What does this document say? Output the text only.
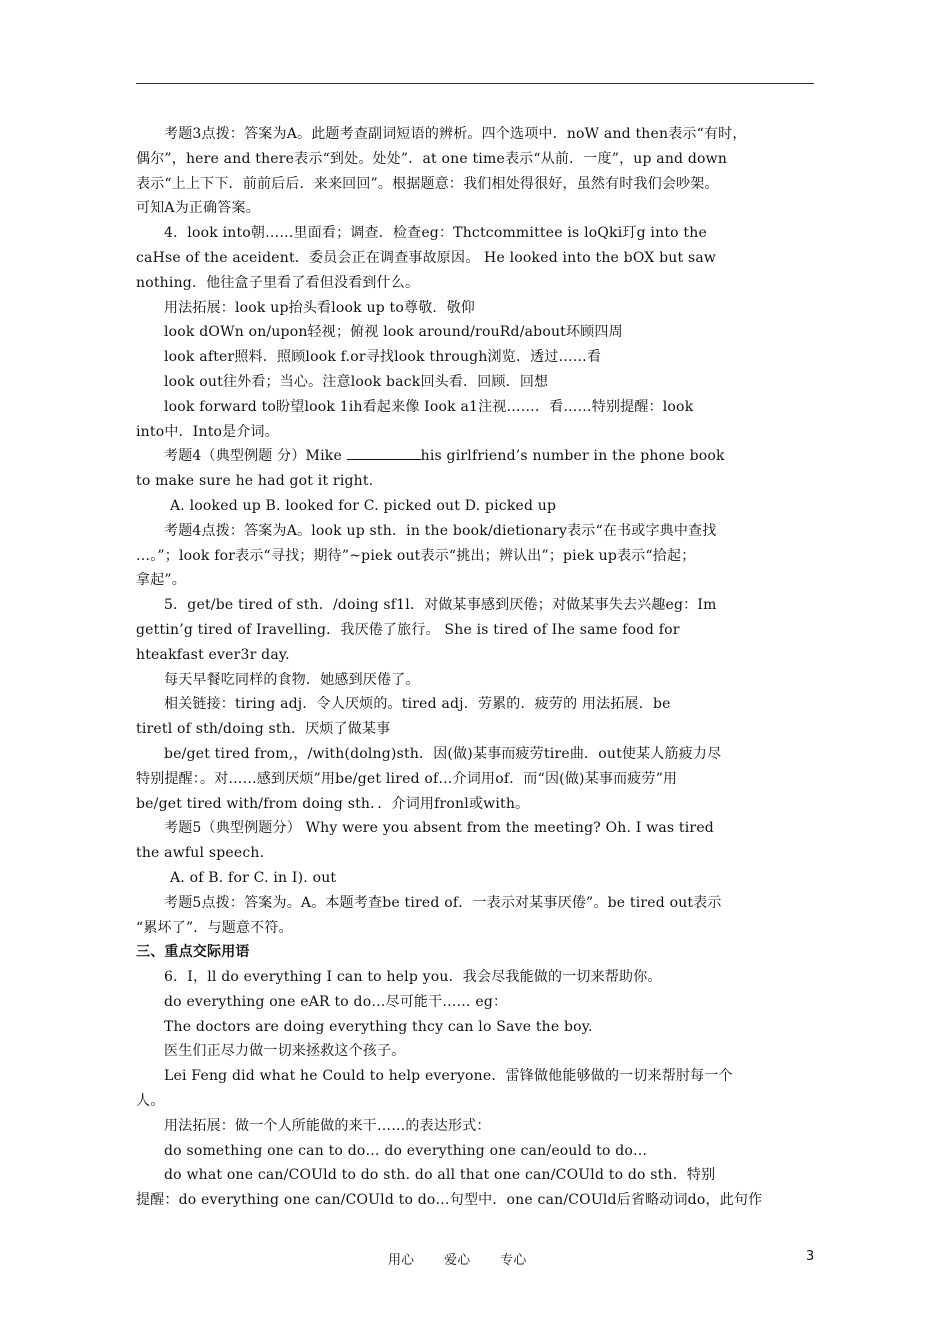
考题3点拨：答案为A。此题考查副词短语的辨析。四个选项中．noW and then表示“有时，
偶尔”，here and there表示“到处。处处”．at one time表示“从前．一度”，up and down
表示“上上下下．前前后后．来来回回”。根据题意：我们相处得很好，虽然有时我们会吵架。
可知A为正确答案。
4．look into朝……里面看；调查．检查eg：Thctcommittee is loQki玎g into the
caHse of the aceident．委员会正在调查事故原因。 He looked into the bOX but saw
nothing．他往盒子里看了看但没看到什么。
用法拓展：look up抬头看look up to尊敬．敬仰
look dOWn on/upon轻视；俯视 look around/rouRd/about环顾四周
look after照料．照顾look f.or寻找look through浏览．透过……看
look out往外看；当心。注意look back回头看．回顾．回想
look forward to盼望look 1ih看起来像 Iook a1注视……．看……特别提醒：look
into中．Into是介词。
考题4（典型例题 分）Mike	his girlfriend’s number in the phone book
to make sure he had got it right.
A. looked up B. looked for C. picked out D. picked up
考题4点拨：答案为A。look up sth．in the book/dietionary表示“在书或字典中查找
…。”；look for表示“寻找；期待”~piek out表示“挑出；辨认出”；piek up表示“拾起；
拿起”。
5．get/be tired of sth．/doing sf1l．对做某事感到厌倦；对做某事失去兴趣eg：Im
gettin’g tired of Iravelling．我厌倦了旅行。 She is tired of Ihe same food for
hteakfast ever3r day.
每天早餐吃同样的食物．她感到厌倦了。
相关链接：tiring adj．令人厌烦的。tired adj．劳累的．疲劳的 用法拓展．be
tiretl of sth/doing sth．厌烦了做某事
be/get tired from,，/with(dolng)sth．因(做)某事而疲劳tire曲．out使某人筋疲力尽
特别提醒：。对……感到厌烦”用be/get lired of…介词用of．而“因(做)某事而疲劳”用
be/get tired with/from doing sth．．介词用fronl或with。
考题5（典型例题分） Why were you absent from the meeting? Oh. I was tired
the awful speech.
A. of B. for C. in I). out
考题5点拨：答案为。A。本题考查be tired of．一表示对某事厌倦”。be tired out表示
“累坏了”．与题意不符。
三、重点交际用语
6．I，ll do everything I can to help you．我会尽我能做的一切来帮助你。
do everything one eAR to do…尽可能干…… eg：
The doctors are doing everything thcy can lo Save the boy.
医生们正尽力做一切来拯救这个孩子。
Lei Feng did what he Could to help everyone．雷锋做他能够做的一切来帮肘每一个
人。
用法拓展：做一个人所能做的来干……的表达形式：
do something one can to do… do everything one can/eould to do…
do what one can/COUld to do sth. do all that one can/COUld to do sth．特别
提醒：do everything one can/COUld to do…句型中．one can/COUld后省略动词do，此句作
用心 爱心 专心	3
